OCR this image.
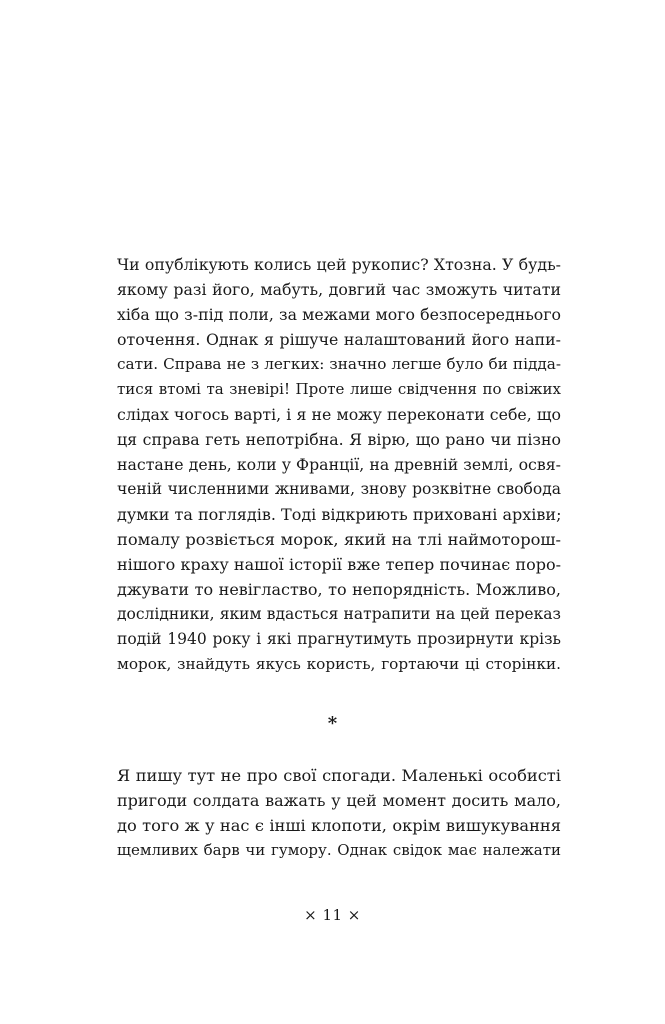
Чи опублікують колись цей рукопис? Хтозна. У будь-
якому разі його, мабуть, довгий час зможуть читати
хіба що з-під поли, за межами мого безпосереднього
оточення. Однак я рішуче налаштований його напи-
сати. Справа не з легких: значно легше було би підда-
тися втомі та зневірі! Проте лише свідчення по свіжих
слідах чогось варті, і я не можу переконати себе, що
ця справа геть непотрібна. Я вірю, що рано чи пізно
настане день, коли у Франції, на древній землі, освя-
ченій численними жнивами, знову розквітне свобода
думки та поглядів. Тоді відкриють приховані архіви;
помалу розвіється морок, який на тлі наймоторош-
нішого краху нашої історії вже тепер починає поро-
джувати то невігластво, то непорядність. Можливо,
дослідники, яким вдасться натрапити на цей переказ
подій 1940 року і які прагнутимуть прозирнути крізь
морок, знайдуть якусь користь, гортаючи ці сторінки.
*
Я пишу тут не про свої спогади. Маленькі особисті
пригоди солдата важать у цей момент досить мало,
до того ж у нас є інші клопоти, окрім вишукування
щемливих барв чи гумору. Однак свідок має належати
× 11 ×
